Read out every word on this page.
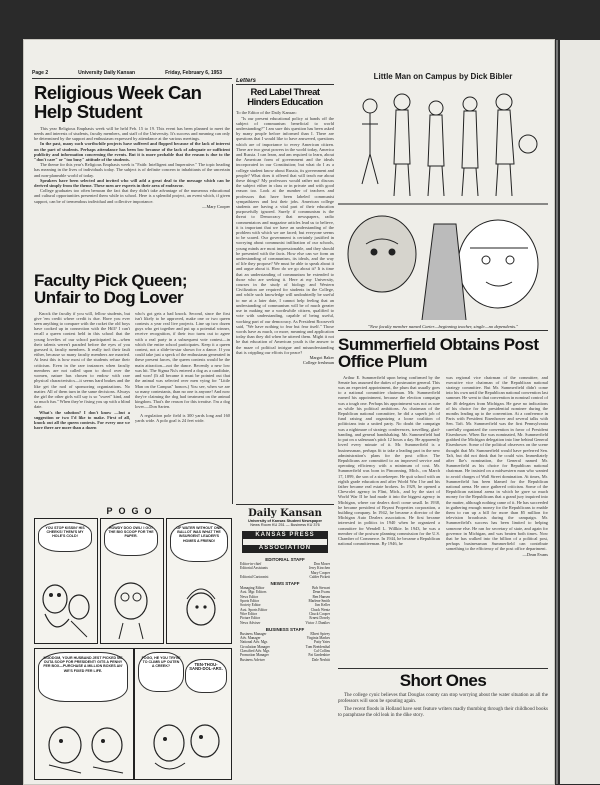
Page 2	University Daily Kansan	Friday, February 6, 1953
Religious Week Can Help Student
This year Religious Emphasis week will be held Feb. 15 to 19. This event has been planned to meet the needs and interests of students, faculty members, and staff of the University. It's success and meaning can only be determined by the support and enthusiasm expressed by attendance at the various meetings.
In the past, many such worthwhile projects have suffered and flopped because of the lack of interest on the part of students. Perhaps attendance has been low because of the lack of adequate or sufficient publicity and information concerning the events. But it is more probable that the reason is due to the "don't care" or "too busy" attitude of the students.
The theme for this year's Religious Emphasis week is "Faith: Intelligent and Imperative." The topic heading has meaning in the lives of individuals today. The subject is of definite concern to inhabitants of the uncertain and non-planeable world of today.
Speakers have been selected and invited who will add a great deal to the message which can be derived simply from the theme. These men are experts in their area of endeavor.
College graduates too often bemoan the fact that they didn't take advantage of the numerous educational and cultural opportunities presented them while in school. Here is a splendid project, an event which, if given support, can be of tremendous individual and collective importance.
—Mary Cooper
Faculty Pick Queen; Unfair to Dog Lover
Knock the faculty if you will, fellow students, but give 'em credit where credit is due. Have you ever seen anything to compare with the racket the old boys have cooked up in connection with the Hill? I can't recall a queen contest held in this school that the young lovelies of our school participated in—when their talents weren't paraded before the eyes of you guessed it, faculty members. It really isn't their fault either, because so many faculty members are married. At least this is how most of the students refuse their criticism. Even in the rare instances when faculty members are not called upon to drool over the women, nature has chosen to endow with rare physical characteristics—it seems hard brakes and the like get the nod of sponsoring organizations. No matter. All of them turn in the same decisions. Always the girl the other girls will say is so "sweet" kind, and so much fun." When they're fixing you up with a blind date.
What's the solution? I don't know —but a suggestion or two I'd like to make. First of all, knock out all the queen contests. For every one we have there are more than a dozen
who's got gets a bad knock. Second, since the first isn't likely to be approved, make one or two queen contests a year real live projects. Line up two dozen guys who get together and put up a potential winner, receive recognition, if their two turns out to agree with a real party in a subsequent vote contest—in which the entire school participates. Keep it a queen contest, not a slide-in-star shown for a dance. If you could take just a speck of the enthusiasm generated in these present farces, the queen contests would be the main attraction—not the dance. Recently a new low was hit. The Sigma Nu's entered a dog as a candidate, and won! (It all became it must be pointed out that the animal was selected over men vying for "Little Man on the Campus" honors.) You see, when we are so many contestants, than no one is anyone! And now they're claiming the dog had treatment on the animal kingdom. That's the reason for this treatise. I'm a dog lover.—Don Sarten.
A regulation pole field is 300 yards long and 160 yards wide. A polo goal is 24 feet wide.
POGO
YOU STOP KISSIN' HIS CHEEKS! THEM'S MY HOLE'S COLD!
HOWDY DOO OWL! I GOT THE BIG SCOOP FOR THE PAPER.
OF WATER WITHOUT ONE BALLOT WAS WHAT THE INSURGENT LEADER'S HOMES A FRIEND!
MODDOM, YOUR HUSBAND JEST PICKED ME OUTA SOOP FOR PRESIDENT! GITS A PENNY FER BOX—PURCHASE A MILLION BOXES AN' WE'S FIXED FER LIFE.
FOGO, HE YOU TRYIN' TO CLIMB UP OUTEN A CREEK?	TEN-THOU-SAND-DOL-ARS.
Letters
Red Label Threat Hinders Education
To the Editor of the Daily Kansan:
"Is our present educational policy at hands off the subject of communism beneficial to world understanding?" I am sure this question has been asked by many people before informed than I. There are questions that I would like to have answered, questions which are of importance to every American citizen. There are two great powers in the world today, America and Russia. I can learn, and am required to learn, about the American form of government and the ideals incorporated in our Constitution; but what do I as a college student know about Russia, its government and people? What does it offered that will teach me about these things? My professors would rather not discuss the subject either in class or in private and with good reason too. Look at the number of teachers and professors that have been labeled communist sympathizers and lost their jobs. American college students are having a vital part of their education purposefully ignored. Surely if communism is the threat to Democracy that newspapers, radio commentators and magazine articles lead us to believe, it is important that we have an understanding of the problem with which we are faced; but everyone seems to be scared. Our government is certainly justified in worrying about communist infiltration of our schools, young minds are most impressionable, and they should be presented with the facts. How else can we form an understanding of communism, its ideals, and the way of life they propose? We must be able to speak about it and argue about it. How do we go about it? It is time that an understanding of communism be extended to those who are seeking it. Here at my University, courses in the study of biology and Western Civilization are required for students in the College, and while such knowledge will undoubtedly be useful to me at a later date, I cannot help feeling that an understanding of communism will be of much greater use in making me a worthwhile citizen, qualified to vote with understanding, capable of being useful, working part of our democracy. As President Roosevelt said, "We have nothing to fear but fear itself." Those words have as much, or more, meaning and application today than they did when he uttered them. Might it not be that education of American youth is the answer to the maze of political intrigue and misunderstanding that is crippling our efforts for peace?
Margot Baker
College freshman
Little Man on Campus by Dick Bibler
"New faculty member named Carter—beginning teacher, single—no dependents."
Summerfield Obtains Post Office Plum
Arthur E. Summerfield upon being confirmed by the Senate has assumed the duties of postmaster general. This was an expected appointment, the plum that usually goes to a national committee chairman. Mr. Summerfield earned his appointment, because the election campaign was a tough one. Perhaps his appointment was not as sure as while his political ambitions. As chairman of the Republican national committee, he did a superb job of fund raising and organizing a loose coalition of politicians into a united party. No doubt the campaign was a nightmare of strategy conferences, travelling, glad-handing, and general handshaking. Mr. Summerfield had to put on a salesman's pitch 12 hours a day. He apparently loved every minute of it. Mr. Summerfield is a businessman, perhaps fit to take a leading part in the new administration's plans for the post office. The Republicans are committed to an improved service and operating efficiency with a minimum of cost. Mr. Summerfield was born in Pinconning, Mich., on March 17, 1899, the son of a storekeeper. He quit school with an eighth grade education and after World War I he and his father became real estate brokers. In 1929, he opened a Chevrolet agency in Flint, Mich., and by the start of World War II he had made it into the biggest agency in Michigan, where car dealers don't come small. In 1938, he became president of Bryant Properties corporation, a building company. In 1942, he became a director of the Michigan Auto Dealers association. He first became interested in politics in 1940 when he organized a committee for Wendell L. Willkie. In 1943, he was a member of the postwar planning commission for the U.S. Chamber of Commerce. In 1944, he became a Republican national committeeman. By 1946, he
was regional vice chairman of the committee, and executive vice chairman of the Republican national strategy committee. But Mr. Summerfield didn't come into his own until the Republican national convention last summer. He went to that convention in nominal control of the 46 delegates from Michigan. He gave no indications of his choice for the presidential nominee during the months leading up to the convention. At a conference in Paris with President Eisenhower and several talks with Sen. Taft. Mr. Summerfield was the first Pennsylvania carefully organized the convention in favor of President Eisenhower. When Ike was nominated, Mr. Summerfield grabbed the Michigan delegation into line behind General Eisenhower. Some of the political observers on the scene thought that Mr. Summerfield would have preferred Sen. Taft, but did not think that he could win. Immediately after Ike's nomination, the General named Mr. Summerfield as his choice for Republican national chairman. He insisted on a midwestern man who wanted to avoid charges of Wall Street domination. At times, Mr. Summerfield has been blamed for the Republican national arena. He once gathered criticism. Some of the Republican national arena in which he gave so much money for the Republicans that a grand jury inquired into the matter, although nothing came of it. He has succeeded in gathering enough money for the Republicans to enable them to run up a bill for more than $5 million for television broadcasts during the campaign. Mr. Summerfield's success has been limited to helping someone else. He ran for secretary of state, and again for governor in Michigan, and was beaten both times. Now that he has walked into the billion of a political post, perhaps businessman Summerfield can contribute something to the efficiency of the post office department.
—Dean Evans
Daily Kansan
University of Kansas Student Newspaper
News Room KU 251 — Business KU 376
KANSAS PRESS
ASSOCIATION
EDITORIAL STAFF
Editor-in-chief	Don Moser
Editorial Assistants	Jerry Kirschen
Mary Cooper
Editorial Cartoonist	Calder Pickett
NEWS STAFF
Managing Editor	Bob Stewart
Asst. Mgr. Editors	Dean Evans
News Editor	Ben Hansen
Sports Editor	Marlene Smith
Society Editor	Jim Keller
Asst. Sports Editor	Chuck Wentz
Wire Editor	Chuck Cooper
Picture Editor	Ernest Dowdy
News Adviser	Victor J. Danilov
BUSINESS STAFF
Business Manager	Elbert Spivey
Adv. Manager	Virginia Markes
National Adv. Mgr.	Patty Yates
Circulation Manager	Tom Breidenthal
Classified Adv. Mgr.	Cal Collins
Promotion Manager	Pat Gardenhire
Business Adviser	Dale Nesbitt
Short Ones
The college cynic believes that Douglas county can stop worrying about the water situation as all the professors will soon be spouting again.
The recent floods in Holland have sent feature writers madly thumbing through their childhood books to paraphrase the old leak in the dike story.
